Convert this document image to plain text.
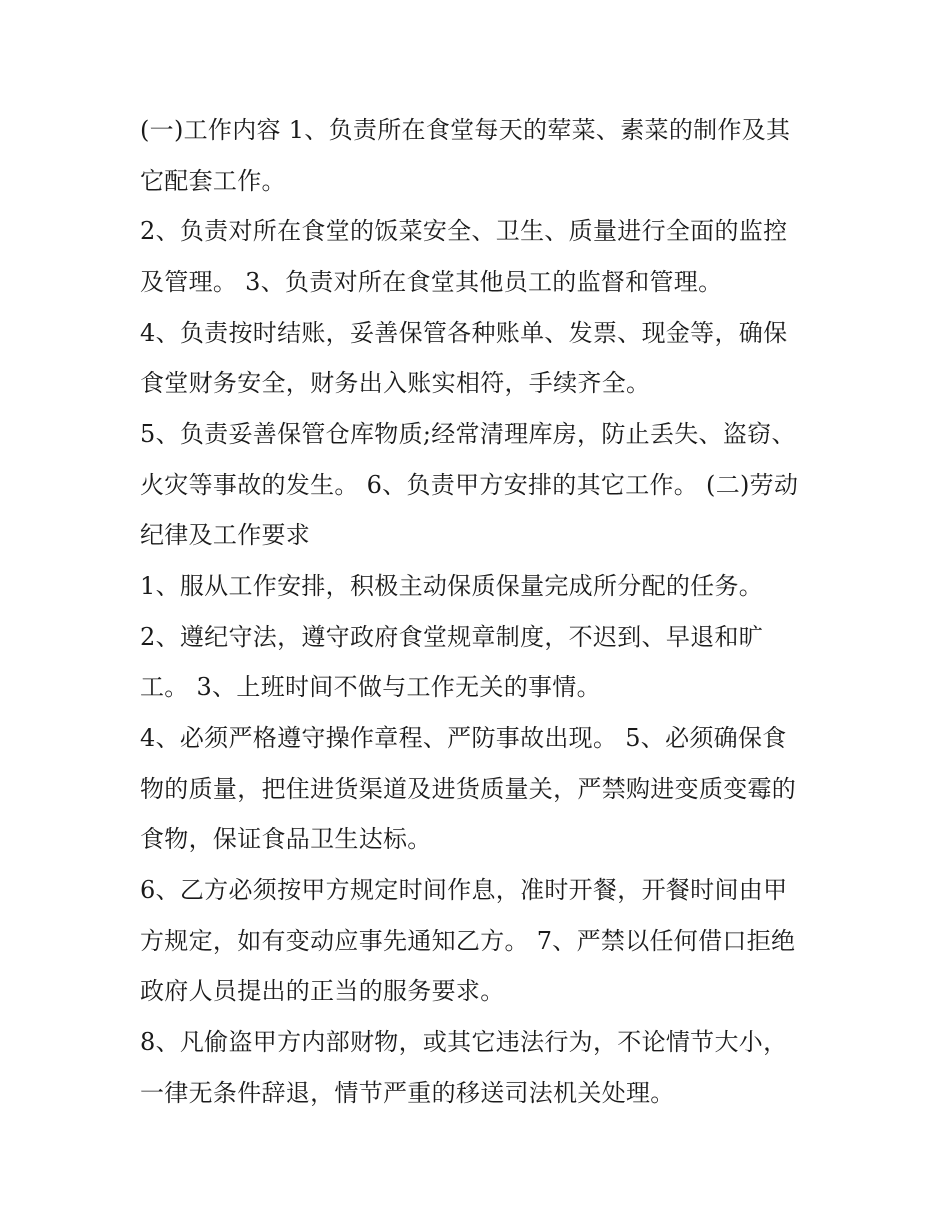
(一)工作内容 1、负责所在食堂每天的荤菜、素菜的制作及其
它配套工作。
2、负责对所在食堂的饭菜安全、卫生、质量进行全面的监控
及管理。 3、负责对所在食堂其他员工的监督和管理。
4、负责按时结账，妥善保管各种账单、发票、现金等，确保
食堂财务安全，财务出入账实相符，手续齐全。
5、负责妥善保管仓库物质;经常清理库房，防止丢失、盗窃、
火灾等事故的发生。 6、负责甲方安排的其它工作。 (二)劳动
纪律及工作要求
1、服从工作安排，积极主动保质保量完成所分配的任务。
2、遵纪守法，遵守政府食堂规章制度，不迟到、早退和旷
工。 3、上班时间不做与工作无关的事情。
4、必须严格遵守操作章程、严防事故出现。 5、必须确保食
物的质量，把住进货渠道及进货质量关，严禁购进变质变霉的
食物，保证食品卫生达标。
6、乙方必须按甲方规定时间作息，准时开餐，开餐时间由甲
方规定，如有变动应事先通知乙方。 7、严禁以任何借口拒绝
政府人员提出的正当的服务要求。
8、凡偷盗甲方内部财物，或其它违法行为，不论情节大小，
一律无条件辞退，情节严重的移送司法机关处理。
